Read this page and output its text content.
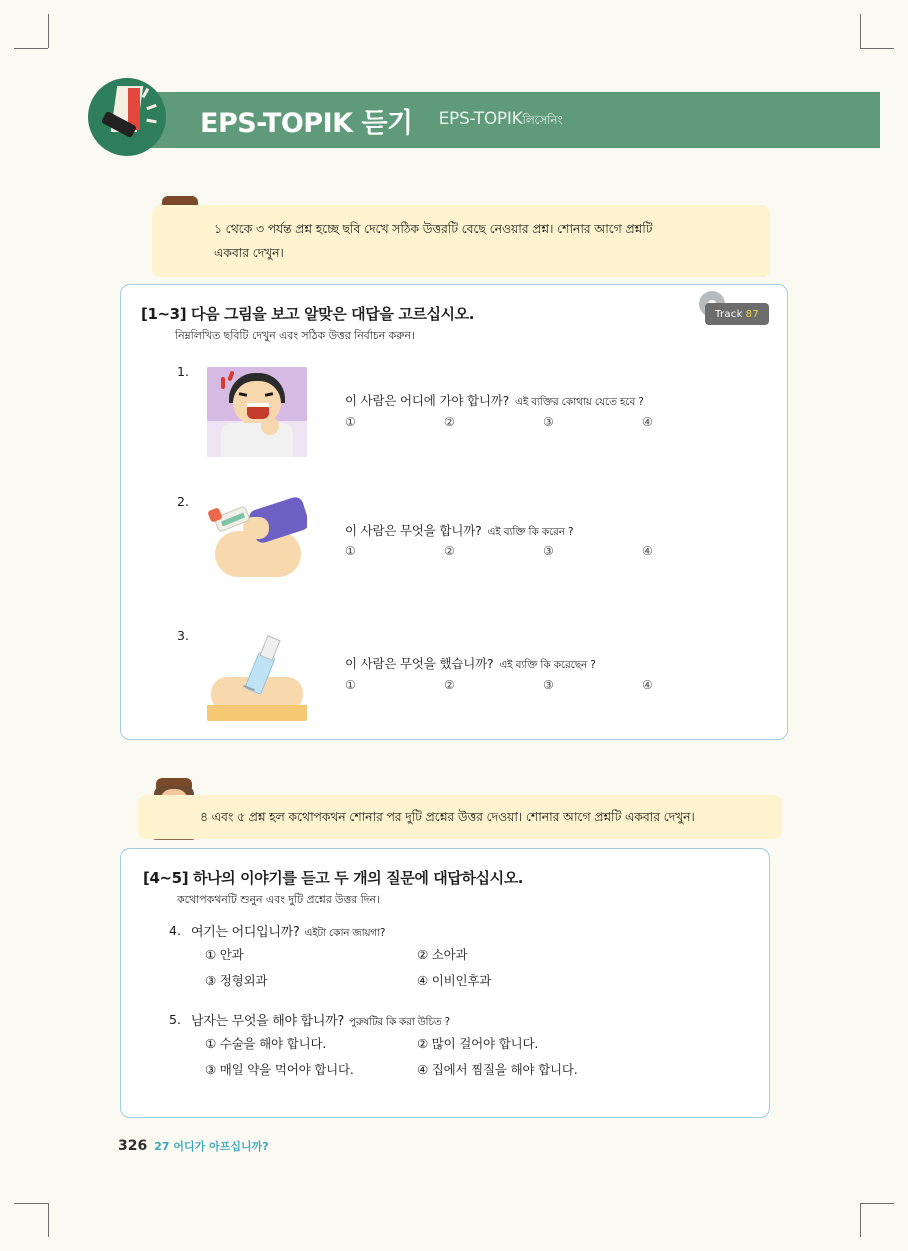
EPS-TOPIK 듣기 EPS-TOPIKলিসেনিং
১ থেকে ৩ পর্যন্ত প্রশ্ন হচ্ছে ছবি দেখে সঠিক উত্তরটি বেছে নেওয়ার প্রশ্ন। শোনার আগে প্রশ্নটি
একবার দেখুন।
[1~3] 다음 그림을 보고 알맞은 대답을 고르십시오.
নিম্নলিখিত ছবিটি দেখুন এবং সঠিক উত্তর নির্বাচন করুন।
Track 87
1.
이 사람은 어디에 가야 합니까? এই ব্যক্তির কোথায় যেতে হবে ?
①	②	③	④
2.
이 사람은 무엇을 합니까? এই ব্যক্তি কি করেন ?
①	②	③	④
3.
이 사람은 무엇을 했습니까? এই ব্যক্তি কি করেছেন ?
①	②	③	④
৪ এবং ৫ প্রশ্ন হল কথোপকথন শোনার পর দুটি প্রশ্নের উত্তর দেওয়া। শোনার আগে প্রশ্নটি একবার দেখুন।
[4~5] 하나의 이야기를 듣고 두 개의 질문에 대답하십시오.
কথোপকথনটি শুনুন এবং দুটি প্রশ্নের উত্তর দিন।
4. 여기는 어디입니까? এইটা কোন জায়গা?
① 안과	② 소아과
③ 정형외과	④ 이비인후과
5. 남자는 무엇을 해야 합니까? পুরুষটির কি করা উচিত ?
① 수술을 해야 합니다.	② 많이 걸어야 합니다.
③ 매일 약을 먹어야 합니다.	④ 집에서 찜질을 해야 합니다.
326 27 어디가 아프십니까?
